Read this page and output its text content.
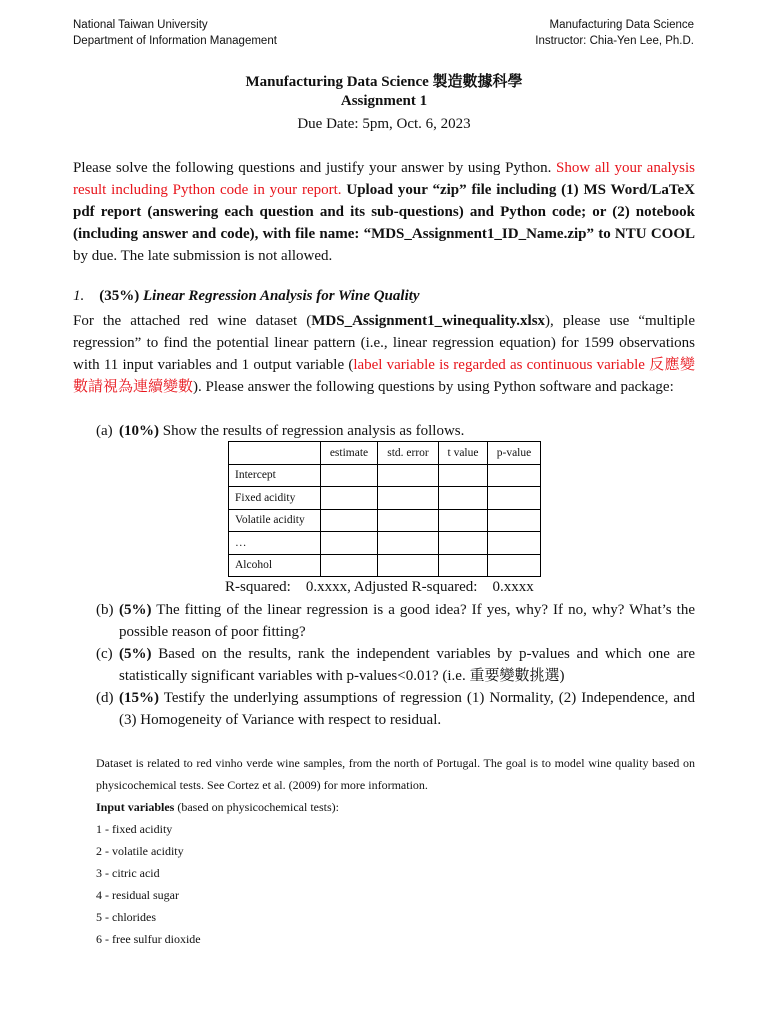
National Taiwan University
Department of Information Management
Manufacturing Data Science
Instructor: Chia-Yen Lee, Ph.D.
Manufacturing Data Science 製造數據科學
Assignment 1
Due Date: 5pm, Oct. 6, 2023
Please solve the following questions and justify your answer by using Python. Show all your analysis result including Python code in your report. Upload your “zip” file including (1) MS Word/LaTeX pdf report (answering each question and its sub-questions) and Python code; or (2) notebook (including answer and code), with file name: “MDS_Assignment1_ID_Name.zip” to NTU COOL by due. The late submission is not allowed.
1. (35%) Linear Regression Analysis for Wine Quality
For the attached red wine dataset (MDS_Assignment1_winequality.xlsx), please use “multiple regression” to find the potential linear pattern (i.e., linear regression equation) for 1599 observations with 11 input variables and 1 output variable (label variable is regarded as continuous variable 反應變數請視為連續變數). Please answer the following questions by using Python software and package:
(a) (10%) Show the results of regression analysis as follows.
	estimate	std. error	t value	p-value
Intercept				
Fixed acidity				
Volatile acidity				
…				
Alcohol				
R-squared:    0.xxxx, Adjusted R-squared:    0.xxxx
(b) (5%) The fitting of the linear regression is a good idea? If yes, why? If no, why? What’s the possible reason of poor fitting?
(c) (5%) Based on the results, rank the independent variables by p-values and which one are statistically significant variables with p-values<0.01? (i.e. 重要變數挑選)
(d) (15%) Testify the underlying assumptions of regression (1) Normality, (2) Independence, and (3) Homogeneity of Variance with respect to residual.
Dataset is related to red vinho verde wine samples, from the north of Portugal. The goal is to model wine quality based on physicochemical tests. See Cortez et al. (2009) for more information.
Input variables (based on physicochemical tests):
1 - fixed acidity
2 - volatile acidity
3 - citric acid
4 - residual sugar
5 - chlorides
6 - free sulfur dioxide
